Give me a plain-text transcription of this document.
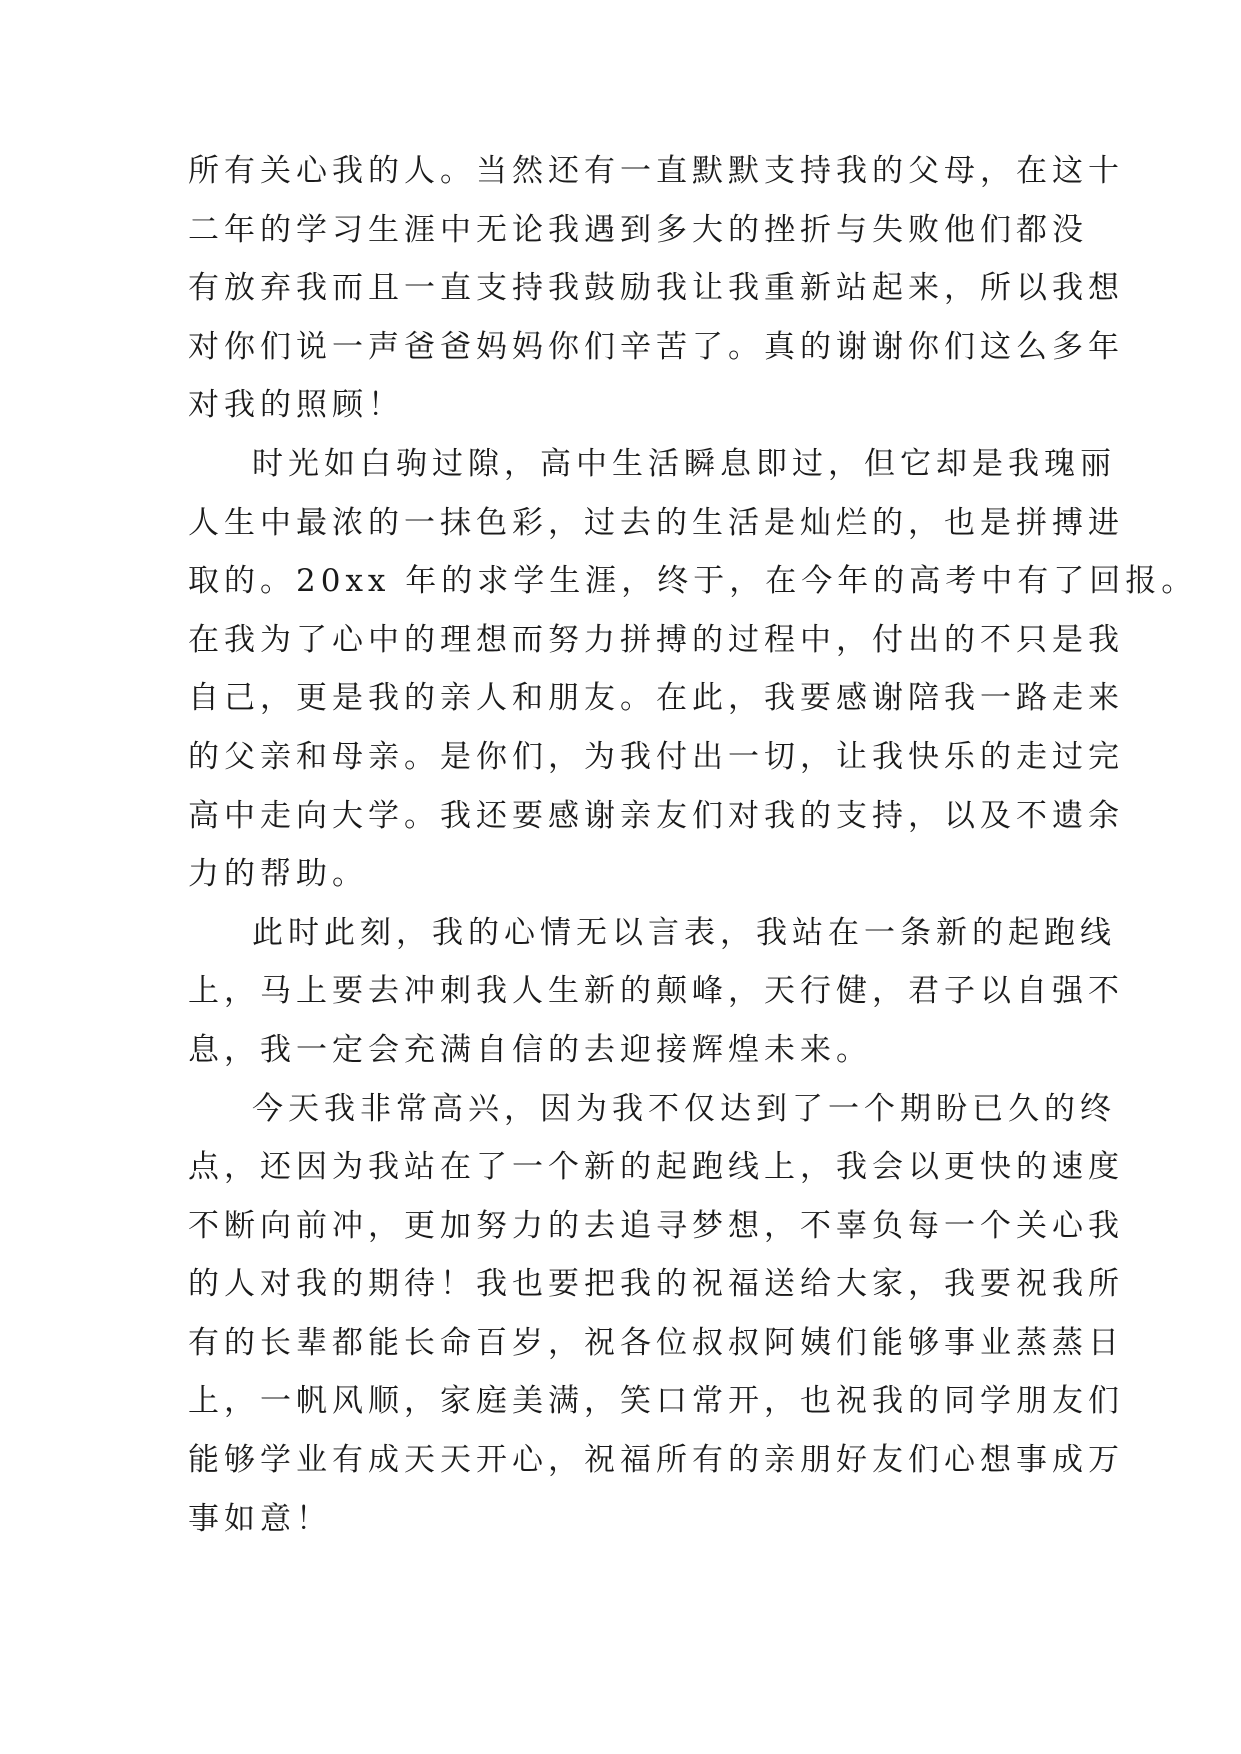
所有关心我的人。当然还有一直默默支持我的父母，在这十
二年的学习生涯中无论我遇到多大的挫折与失败他们都没
有放弃我而且一直支持我鼓励我让我重新站起来，所以我想
对你们说一声爸爸妈妈你们辛苦了。真的谢谢你们这么多年
对我的照顾！
时光如白驹过隙，高中生活瞬息即过，但它却是我瑰丽
人生中最浓的一抹色彩，过去的生活是灿烂的，也是拼搏进
取的。20xx 年的求学生涯，终于，在今年的高考中有了回报。
在我为了心中的理想而努力拼搏的过程中，付出的不只是我
自己，更是我的亲人和朋友。在此，我要感谢陪我一路走来
的父亲和母亲。是你们，为我付出一切，让我快乐的走过完
高中走向大学。我还要感谢亲友们对我的支持，以及不遗余
力的帮助。
此时此刻，我的心情无以言表，我站在一条新的起跑线
上，马上要去冲刺我人生新的颠峰，天行健，君子以自强不
息，我一定会充满自信的去迎接辉煌未来。
今天我非常高兴，因为我不仅达到了一个期盼已久的终
点，还因为我站在了一个新的起跑线上，我会以更快的速度
不断向前冲，更加努力的去追寻梦想，不辜负每一个关心我
的人对我的期待！我也要把我的祝福送给大家，我要祝我所
有的长辈都能长命百岁，祝各位叔叔阿姨们能够事业蒸蒸日
上，一帆风顺，家庭美满，笑口常开，也祝我的同学朋友们
能够学业有成天天开心，祝福所有的亲朋好友们心想事成万
事如意！
